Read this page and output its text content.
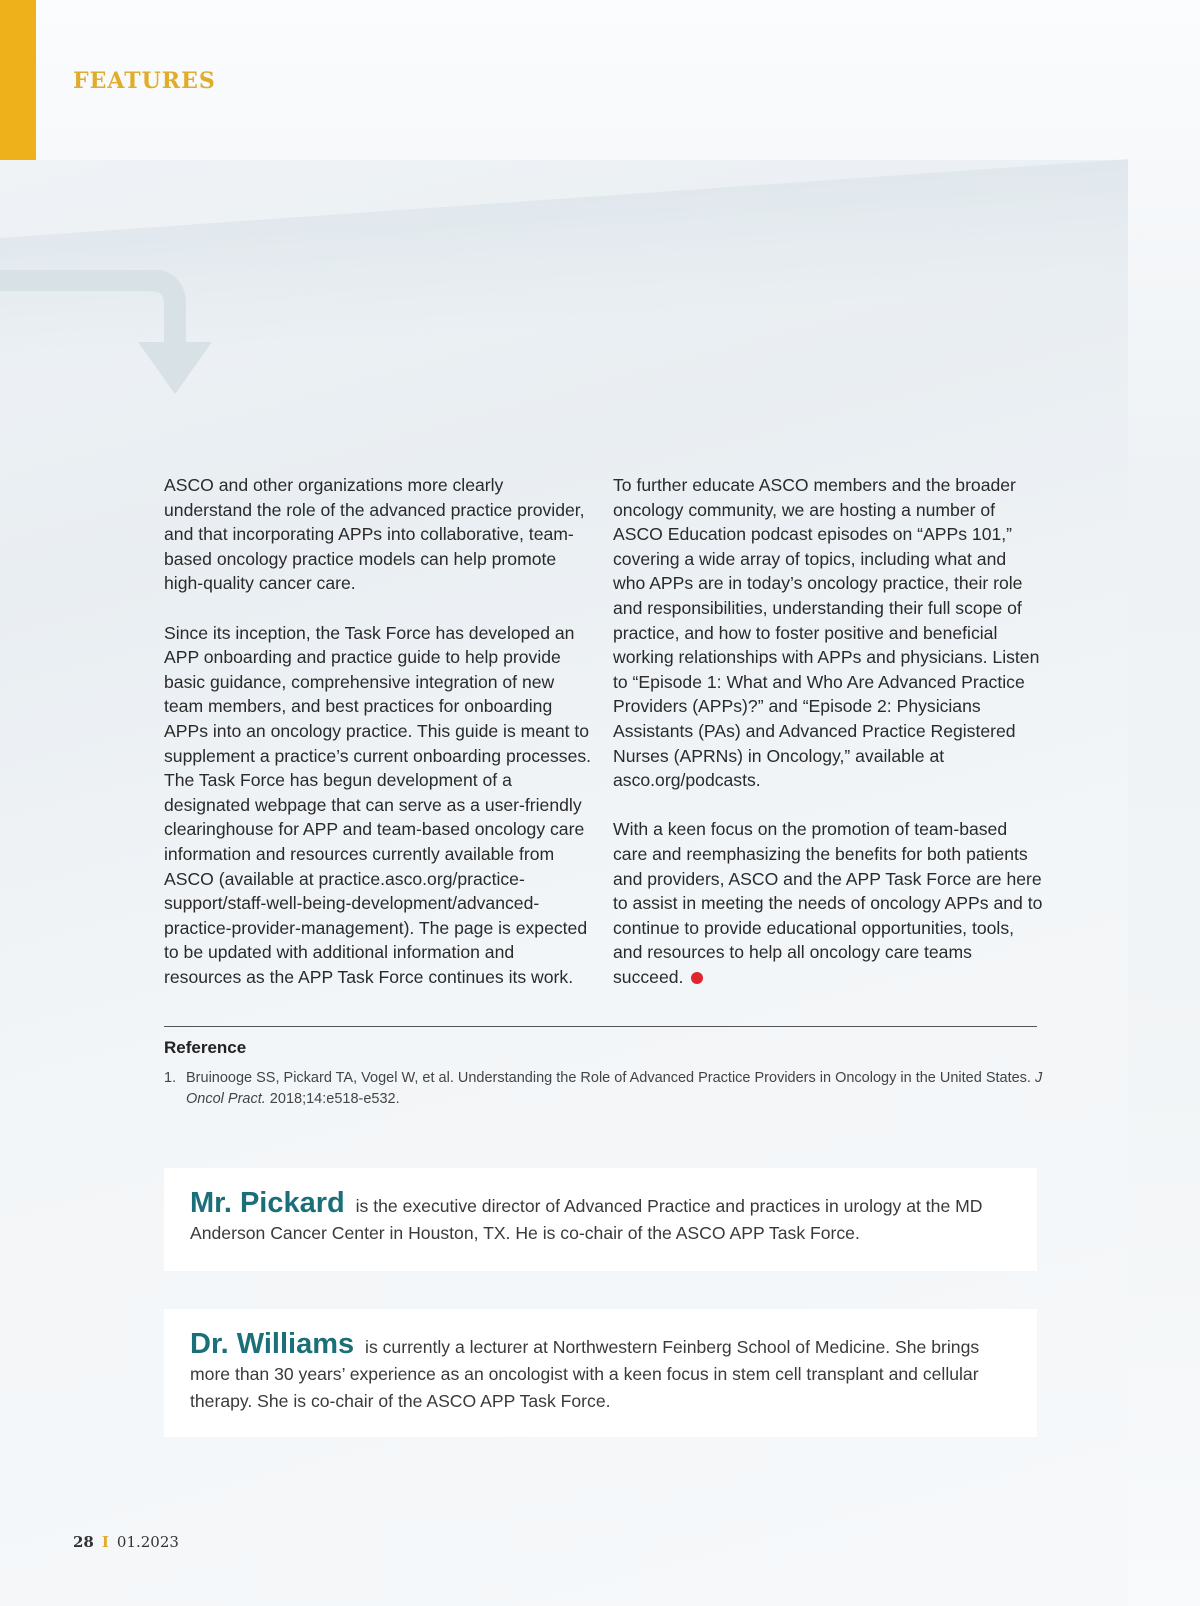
FEATURES

ASCO and other organizations more clearly understand the role of the advanced practice provider, and that incorporating APPs into collaborative, team-based oncology practice models can help promote high-quality cancer care.

Since its inception, the Task Force has developed an APP onboarding and practice guide to help provide basic guidance, comprehensive integration of new team members, and best practices for onboarding APPs into an oncology practice. This guide is meant to supplement a practice’s current onboarding processes. The Task Force has begun development of a designated webpage that can serve as a user-friendly clearinghouse for APP and team-based oncology care information and resources currently available from ASCO (available at practice.asco.org/practice-support/staff-well-being-development/advanced-practice-provider-management). The page is expected to be updated with additional information and resources as the APP Task Force continues its work.

To further educate ASCO members and the broader oncology community, we are hosting a number of ASCO Education podcast episodes on “APPs 101,” covering a wide array of topics, including what and who APPs are in today’s oncology practice, their role and responsibilities, understanding their full scope of practice, and how to foster positive and beneficial working relationships with APPs and physicians. Listen to “Episode 1: What and Who Are Advanced Practice Providers (APPs)?” and “Episode 2: Physicians Assistants (PAs) and Advanced Practice Registered Nurses (APRNs) in Oncology,” available at asco.org/podcasts.

With a keen focus on the promotion of team-based care and reemphasizing the benefits for both patients and providers, ASCO and the APP Task Force are here to assist in meeting the needs of oncology APPs and to continue to provide educational opportunities, tools, and resources to help all oncology care teams succeed.

Reference
1. Bruinooge SS, Pickard TA, Vogel W, et al. Understanding the Role of Advanced Practice Providers in Oncology in the United States. J Oncol Pract. 2018;14:e518-e532.
Mr. Pickard is the executive director of Advanced Practice and practices in urology at the MD Anderson Cancer Center in Houston, TX. He is co-chair of the ASCO APP Task Force.
Dr. Williams is currently a lecturer at Northwestern Feinberg School of Medicine. She brings more than 30 years’ experience as an oncologist with a keen focus in stem cell transplant and cellular therapy. She is co-chair of the ASCO APP Task Force.
28 I 01.2023
